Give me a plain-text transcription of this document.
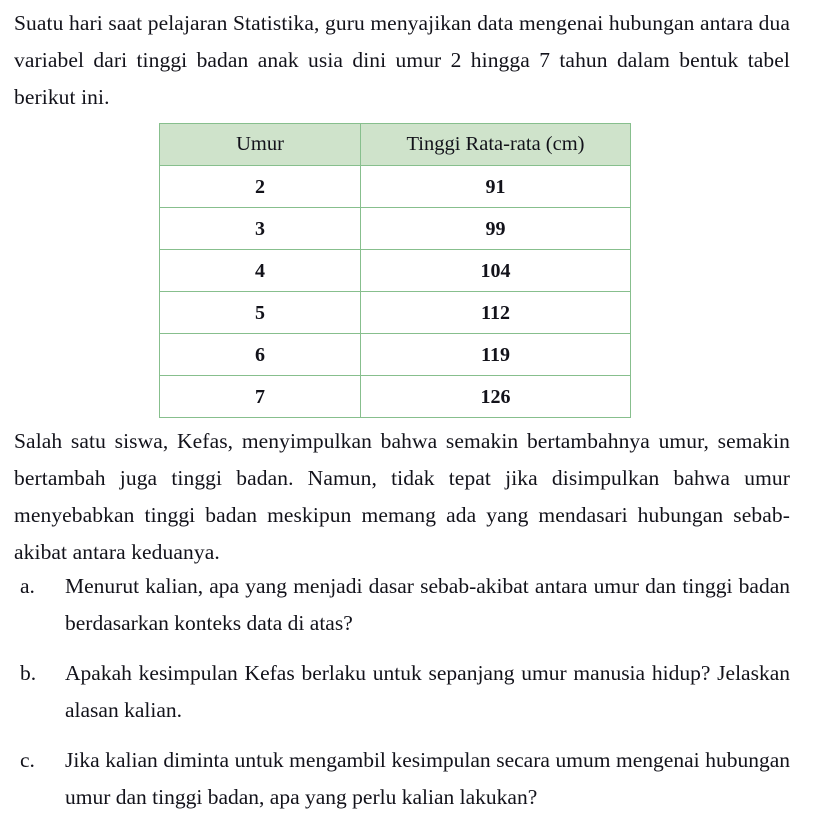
Suatu hari saat pelajaran Statistika, guru menyajikan data mengenai hubungan antara dua variabel dari tinggi badan anak usia dini umur 2 hingga 7 tahun dalam bentuk tabel berikut ini.

Umur	Tinggi Rata-rata (cm)
2	91
3	99
4	104
5	112
6	119
7	126

Salah satu siswa, Kefas, menyimpulkan bahwa semakin bertambahnya umur, semakin bertambah juga tinggi badan. Namun, tidak tepat jika disimpulkan bahwa umur menyebabkan tinggi badan meskipun memang ada yang mendasari hubungan sebab-akibat antara keduanya.

a.	Menurut kalian, apa yang menjadi dasar sebab-akibat antara umur dan tinggi badan berdasarkan konteks data di atas?
b.	Apakah kesimpulan Kefas berlaku untuk sepanjang umur manusia hidup? Jelaskan alasan kalian.
c.	Jika kalian diminta untuk mengambil kesimpulan secara umum mengenai hubungan umur dan tinggi badan, apa yang perlu kalian lakukan?
